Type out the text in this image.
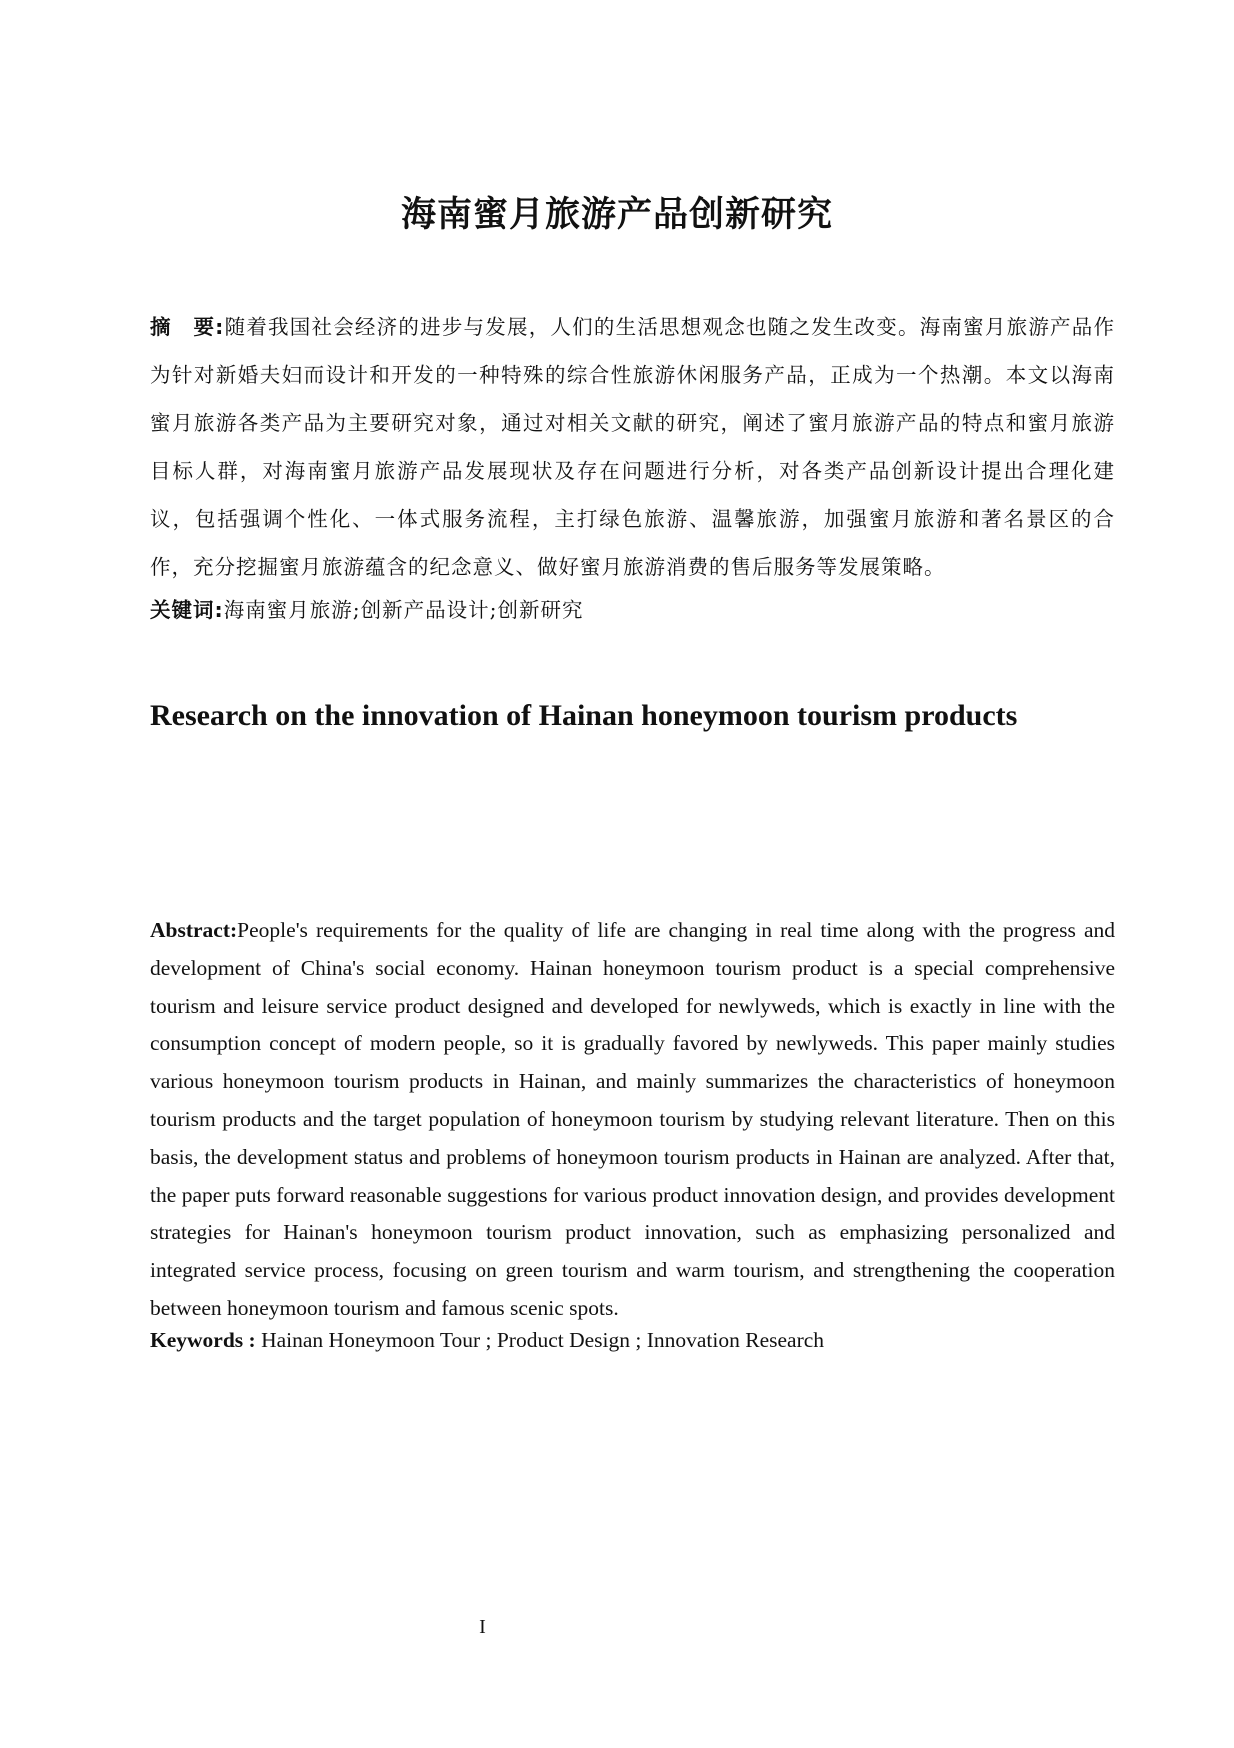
海南蜜月旅游产品创新研究

摘　要:随着我国社会经济的进步与发展，人们的生活思想观念也随之发生改变。海南蜜月旅游产品作为针对新婚夫妇而设计和开发的一种特殊的综合性旅游休闲服务产品，正成为一个热潮。本文以海南蜜月旅游各类产品为主要研究对象，通过对相关文献的研究，阐述了蜜月旅游产品的特点和蜜月旅游目标人群，对海南蜜月旅游产品发展现状及存在问题进行分析，对各类产品创新设计提出合理化建议，包括强调个性化、一体式服务流程，主打绿色旅游、温馨旅游，加强蜜月旅游和著名景区的合作，充分挖掘蜜月旅游蕴含的纪念意义、做好蜜月旅游消费的售后服务等发展策略。

关键词:海南蜜月旅游;创新产品设计;创新研究

Research on the innovation of Hainan honeymoon tourism products

Abstract:People's requirements for the quality of life are changing in real time along with the progress and development of China's social economy. Hainan honeymoon tourism product is a special comprehensive tourism and leisure service product designed and developed for newlyweds, which is exactly in line with the consumption concept of modern people, so it is gradually favored by newlyweds. This paper mainly studies various honeymoon tourism products in Hainan, and mainly summarizes the characteristics of honeymoon tourism products and the target population of honeymoon tourism by studying relevant literature. Then on this basis, the development status and problems of honeymoon tourism products in Hainan are analyzed. After that, the paper puts forward reasonable suggestions for various product innovation design, and provides development strategies for Hainan's honeymoon tourism product innovation, such as emphasizing personalized and integrated service process, focusing on green tourism and warm tourism, and strengthening the cooperation between honeymoon tourism and famous scenic spots.

Keywords : Hainan Honeymoon Tour ; Product Design ; Innovation Research

I
